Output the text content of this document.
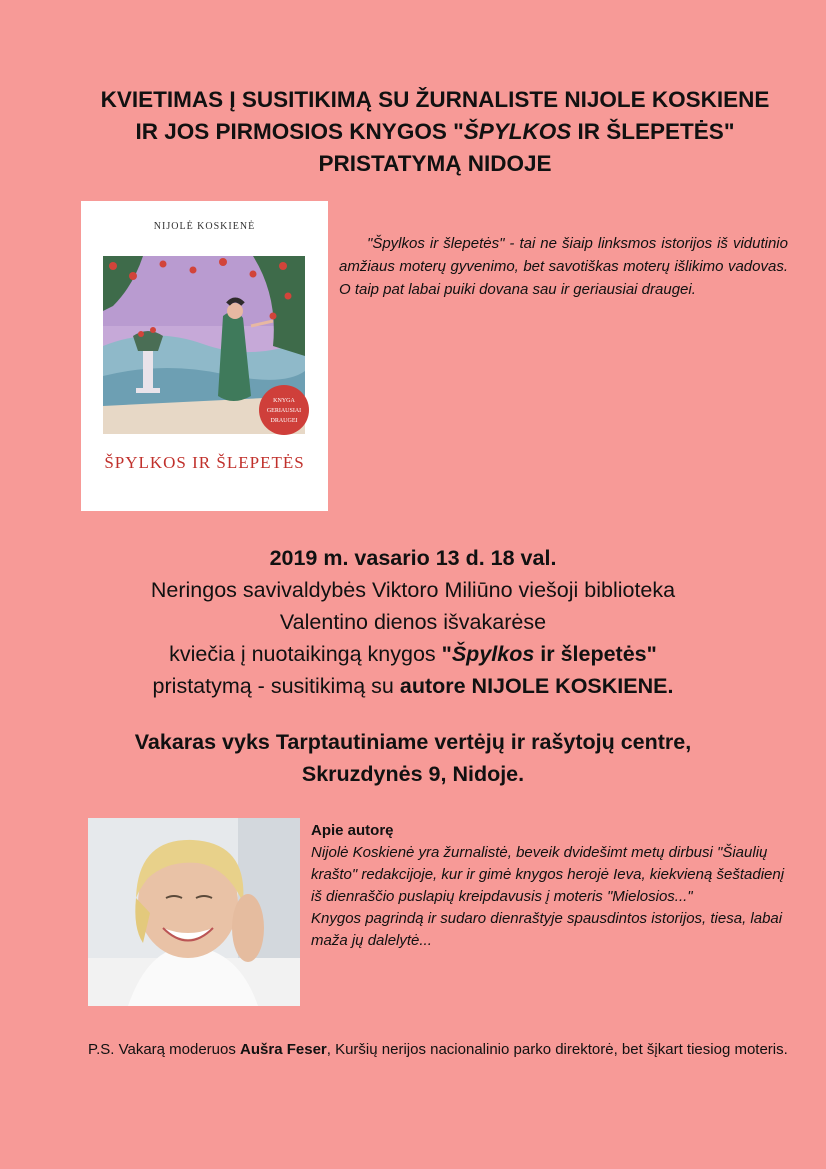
KVIETIMAS Į SUSITIKIMĄ SU ŽURNALISTE NIJOLE KOSKIENE
IR JOS PIRMOSIOS KNYGOS "ŠPYLKOS IR ŠLEPETĖS"
PRISTATYMĄ NIDOJE
NIJOLĖ KOSKIENĖ
KNYGA
GERIAUSIAI
DRAUGEI
ŠPYLKOS IR ŠLEPETĖS
"Špylkos ir šlepetės" - tai ne šiaip linksmos istorijos iš vidutinio amžiaus moterų gyvenimo, bet savotiškas moterų išlikimo vadovas. O taip pat labai puiki dovana sau ir geriausiai draugei.
2019 m. vasario 13 d. 18 val.
Neringos savivaldybės Viktoro Miliūno viešoji biblioteka
Valentino dienos išvakarėse
kviečia į nuotaikingą knygos "Špylkos ir šlepetės"
pristatymą - susitikimą su autore NIJOLE KOSKIENE.
Vakaras vyks Tarptautiniame vertėjų ir rašytojų centre,
Skruzdynės 9, Nidoje.
Apie autorę
Nijolė Koskienė yra žurnalistė, beveik dvidešimt metų dirbusi "Šiaulių krašto" redakcijoje, kur ir gimė knygos herojė Ieva, kiekvieną šeštadienį iš dienraščio puslapių kreipdavusis į moteris "Mielosios..."
Knygos pagrindą ir sudaro dienraštyje spausdintos istorijos, tiesa, labai maža jų dalelytė...
P.S. Vakarą moderuos Aušra Feser, Kuršių nerijos nacionalinio parko direktorė, bet šįkart tiesiog moteris.
